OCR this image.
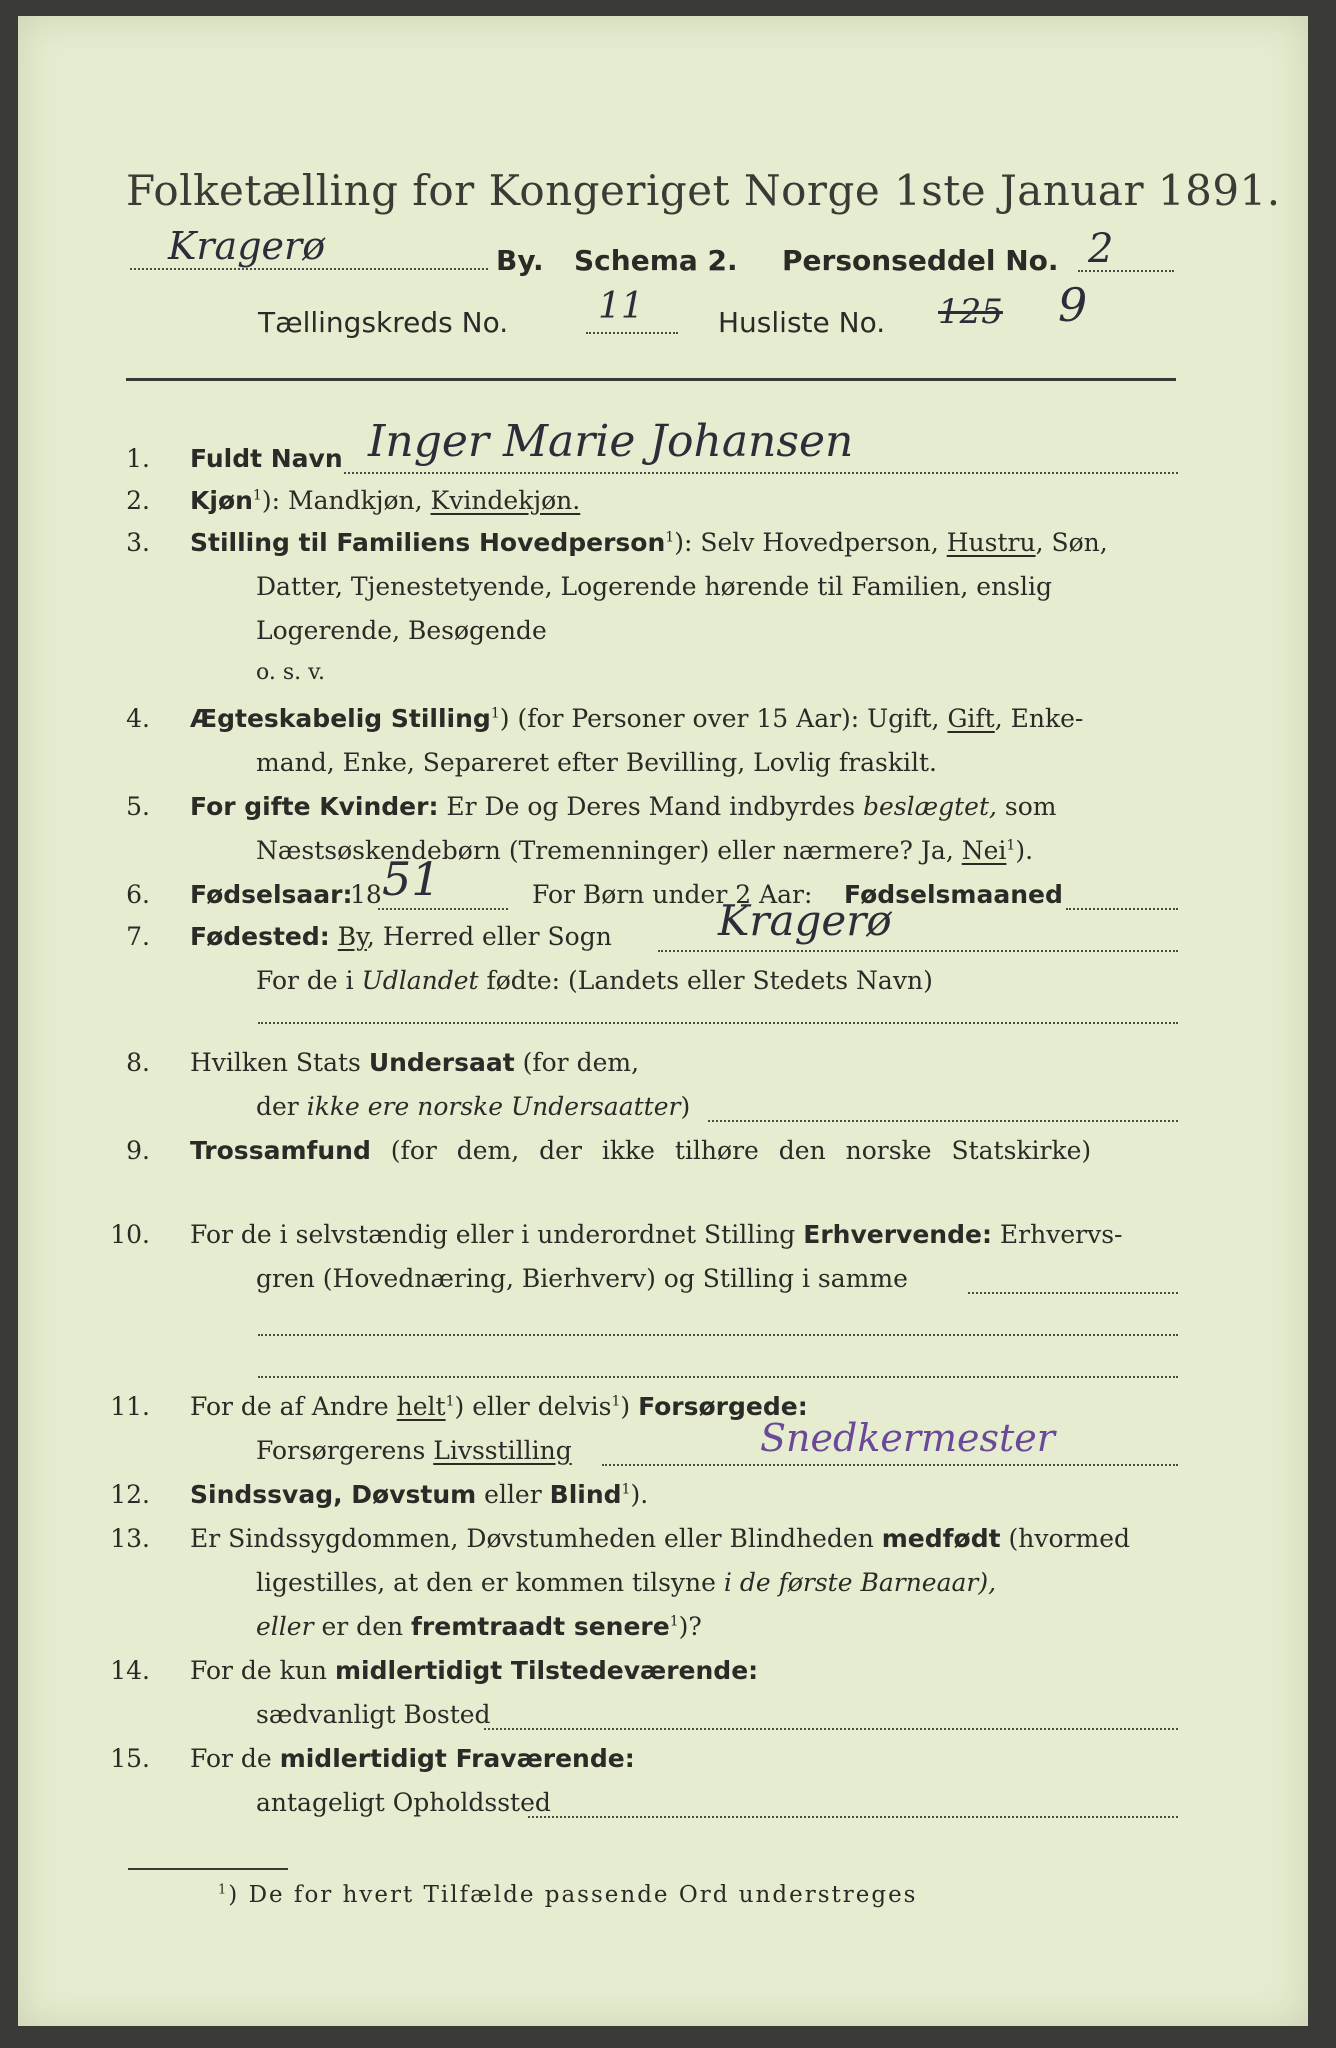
Folketælling for Kongeriget Norge 1ste Januar 1891.
Kragerø	By. Schema 2. Personseddel No. 2
Tællingskreds No. 11	Husliste No. 125 9
1. Fuldt Navn Inger Marie Johansen
2. Kjøn$^1$): Mandkjøn, Kvindekjøn.
3. Stilling til Familiens Hovedperson$^1$): Selv Hovedperson, Hustru, Søn,
Datter, Tjenestetyende, Logerende hørende til Familien, enslig
Logerende, Besøgende
o. s. v.
4. Ægteskabelig Stilling$^1$) (for Personer over 15 Aar): Ugift, Gift, Enke-
mand, Enke, Separeret efter Bevilling, Lovlig fraskilt.
5. For gifte Kvinder: Er De og Deres Mand indbyrdes beslægtet, som
Næstsøskendebørn (Tremenninger) eller nærmere? Ja, Nei$^1$).
6. Fødselsaar:
18 51	For Børn under 2 Aar: Fødselsmaaned
7. Fødested: By, Herred eller Sogn	Kragerø
For de i Udlandet fødte: (Landets eller Stedets Navn)
8. Hvilken Stats Undersaat (for dem,
der ikke ere norske Undersaatter)
9. Trossamfund (for dem, der ikke tilhøre den norske Statskirke)
10. For de i selvstændig eller i underordnet Stilling Erhvervende: Erhvervs-
gren (Hovednæring, Bierhverv) og Stilling i samme
11. For de af Andre helt$^1$) eller delvis$^1$) Forsørgede:
Forsørgerens Livsstilling	Snedkermester
12. Sindssvag, Døvstum eller Blind$^1$).
13. Er Sindssygdommen, Døvstumheden eller Blindheden medfødt (hvormed
ligestilles, at den er kommen tilsyne i de første Barneaar),
eller er den fremtraadt senere$^1$)?
14. For de kun midlertidigt Tilstedeværende:
sædvanligt Bosted
15. For de midlertidigt Fraværende:
antageligt Opholdssted
$^1$) De for hvert Tilfælde passende Ord understreges
